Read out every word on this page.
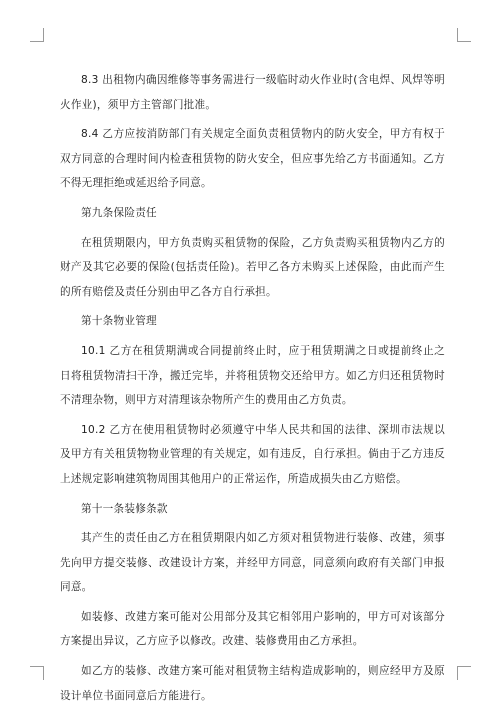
8.3 出租物内确因维修等事务需进行一级临时动火作业时(含电焊、风焊等明火作业)，须甲方主管部门批准。

8.4 乙方应按消防部门有关规定全面负责租赁物内的防火安全，甲方有权于双方同意的合理时间内检查租赁物的防火安全，但应事先给乙方书面通知。乙方不得无理拒绝或延迟给予同意。

第九条保险责任

在租赁期限内，甲方负责购买租赁物的保险，乙方负责购买租赁物内乙方的财产及其它必要的保险(包括责任险)。若甲乙各方未购买上述保险，由此而产生的所有赔偿及责任分别由甲乙各方自行承担。

第十条物业管理

10.1 乙方在租赁期满或合同提前终止时，应于租赁期满之日或提前终止之日将租赁物清扫干净，搬迁完毕，并将租赁物交还给甲方。如乙方归还租赁物时不清理杂物，则甲方对清理该杂物所产生的费用由乙方负责。

10.2 乙方在使用租赁物时必须遵守中华人民共和国的法律、深圳市法规以及甲方有关租赁物物业管理的有关规定，如有违反，自行承担。倘由于乙方违反上述规定影响建筑物周围其他用户的正常运作，所造成损失由乙方赔偿。

第十一条装修条款

其产生的责任由乙方在租赁期限内如乙方须对租赁物进行装修、改建，须事先向甲方提交装修、改建设计方案，并经甲方同意，同意须向政府有关部门申报同意。

如装修、改建方案可能对公用部分及其它相邻用户影响的，甲方可对该部分方案提出异议，乙方应予以修改。改建、装修费用由乙方承担。

如乙方的装修、改建方案可能对租赁物主结构造成影响的，则应经甲方及原设计单位书面同意后方能进行。
